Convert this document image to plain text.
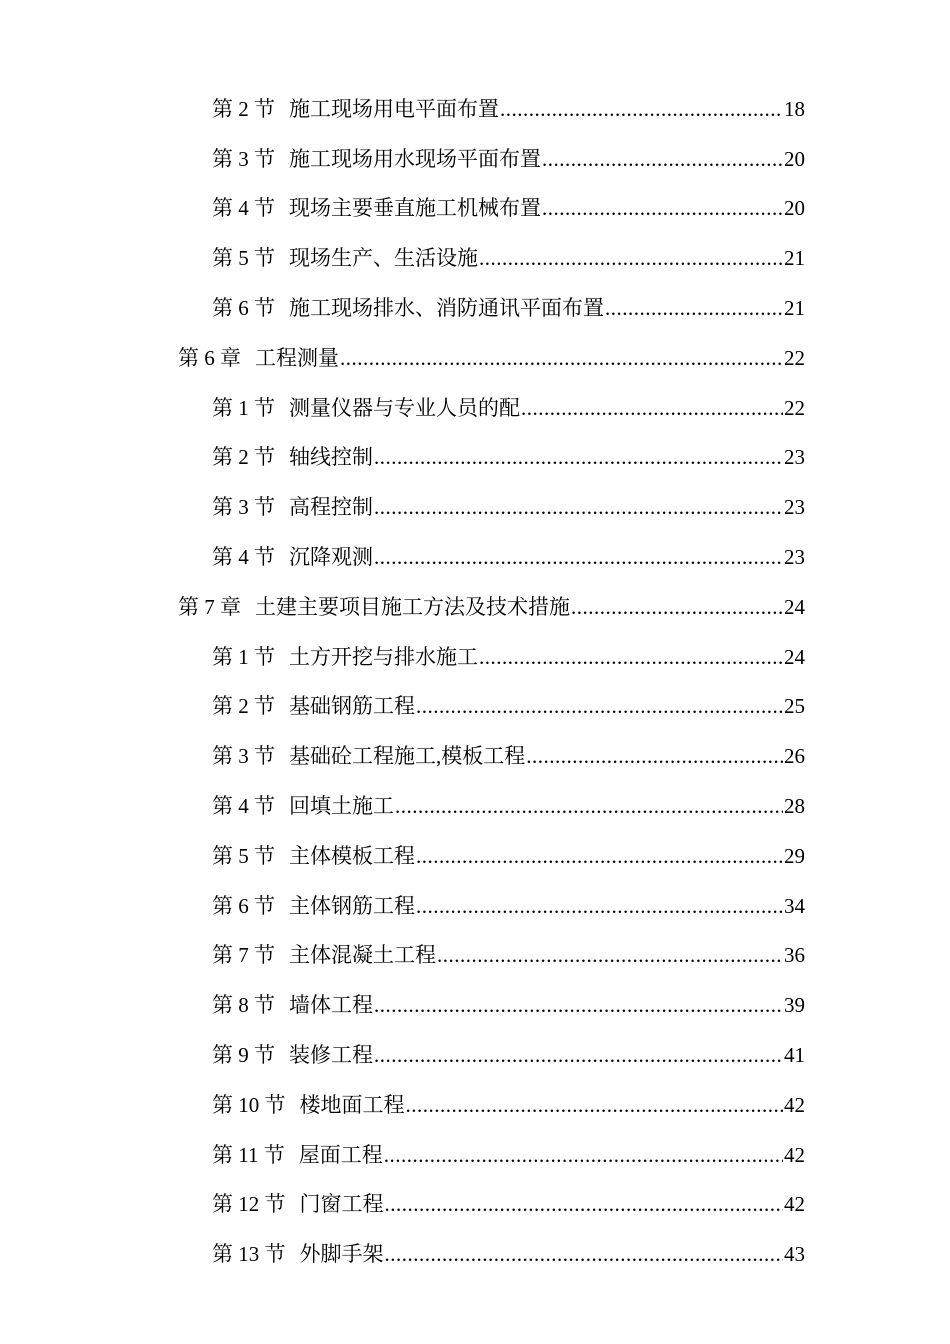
第 2 节 施工现场用电平面布置 .....	18
第 3 节 施工现场用水现场平面布置 .....	20
第 4 节 现场主要垂直施工机械布置 .....	20
第 5 节 现场生产、生活设施 .....	21
第 6 节 施工现场排水、消防通讯平面布置 .....	21
第 6 章 工程测量 .....	22
第 1 节 测量仪器与专业人员的配 .....	22
第 2 节 轴线控制 .....	23
第 3 节 高程控制 .....	23
第 4 节 沉降观测 .....	23
第 7 章 土建主要项目施工方法及技术措施 .....	24
第 1 节 土方开挖与排水施工 .....	24
第 2 节 基础钢筋工程 .....	25
第 3 节 基础砼工程施工,模板工程 .....	26
第 4 节 回填土施工 .....	28
第 5 节 主体模板工程 .....	29
第 6 节 主体钢筋工程 .....	34
第 7 节 主体混凝土工程 .....	36
第 8 节 墙体工程 .....	39
第 9 节 装修工程 .....	41
第 10 节 楼地面工程 .....	42
第 11 节 屋面工程 .....	42
第 12 节 门窗工程 .....	42
第 13 节 外脚手架 .....	43
